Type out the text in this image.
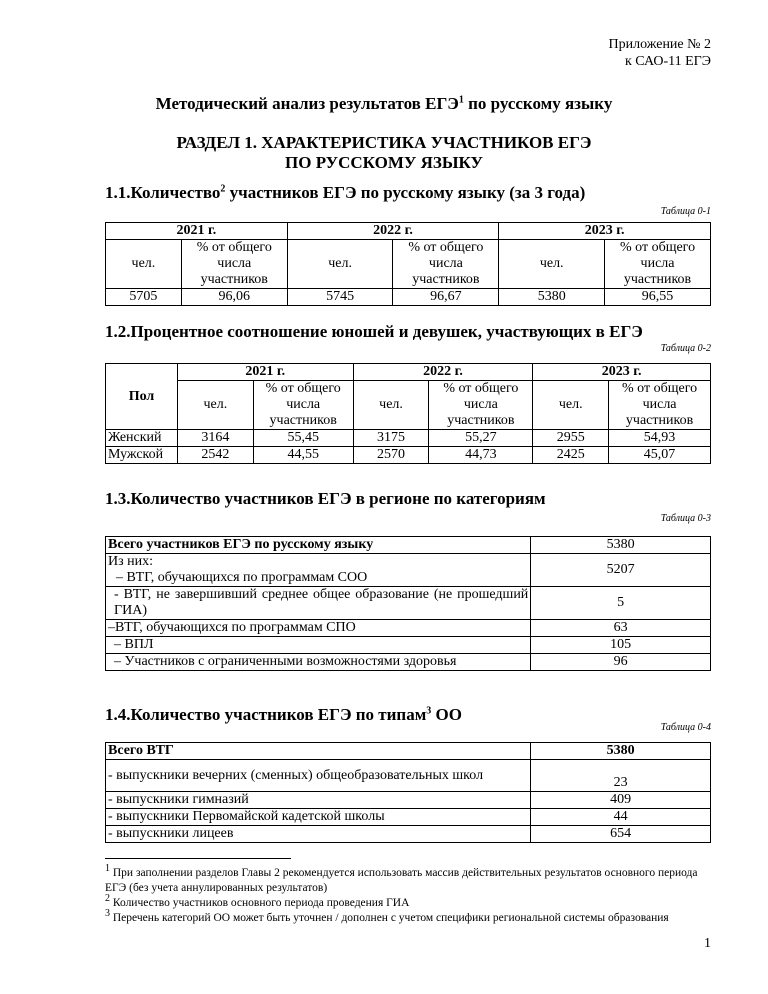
Приложение № 2
к САО-11 ЕГЭ
Методический анализ результатов ЕГЭ$^1$ по русскому языку
РАЗДЕЛ 1. ХАРАКТЕРИСТИКА УЧАСТНИКОВ ЕГЭ
ПО РУССКОМУ ЯЗЫКУ
1.1.Количество$^2$ участников ЕГЭ по русскому языку (за 3 года)
Таблица 0-1
2021 г.		2022 г.		2023 г.	
чел.	% от общего числа участников	чел.	% от общего числа участников	чел.	% от общего числа участников
5705	96,06	5745	96,67	5380	96,55
1.2.Процентное соотношение юношей и девушек, участвующих в ЕГЭ
Таблица 0-2
Пол	2021 г.		2022 г.		2023 г.	
	чел.	% от общего числа участников	чел.	% от общего числа участников	чел.	% от общего числа участников
Женский	3164	55,45	3175	55,27	2955	54,93
Мужской	2542	44,55	2570	44,73	2425	45,07
1.3.Количество участников ЕГЭ в регионе по категориям
Таблица 0-3
Всего участников ЕГЭ по русскому языку	5380

Из них:
– ВТГ, обучающихся по программам СОО	5207
- ВТГ, не завершивший среднее общее образование (не прошедший ГИА)	5
–ВТГ, обучающихся по программам СПО	63
– ВПЛ	105
– Участников с ограниченными возможностями здоровья	96
1.4.Количество участников ЕГЭ по типам$^3$ ОО
Таблица 0-4
Всего ВТГ	5380
- выпускники вечерних (сменных) общеобразовательных школ	23
- выпускники гимназий	409
- выпускники Первомайской кадетской школы	44
- выпускники лицеев	654
$^1$ При заполнении разделов Главы 2 рекомендуется использовать массив действительных результатов основного периода ЕГЭ (без учета аннулированных результатов)
$^2$ Количество участников основного периода проведения ГИА
$^3$ Перечень категорий ОО может быть уточнен / дополнен с учетом специфики региональной системы образования
1
